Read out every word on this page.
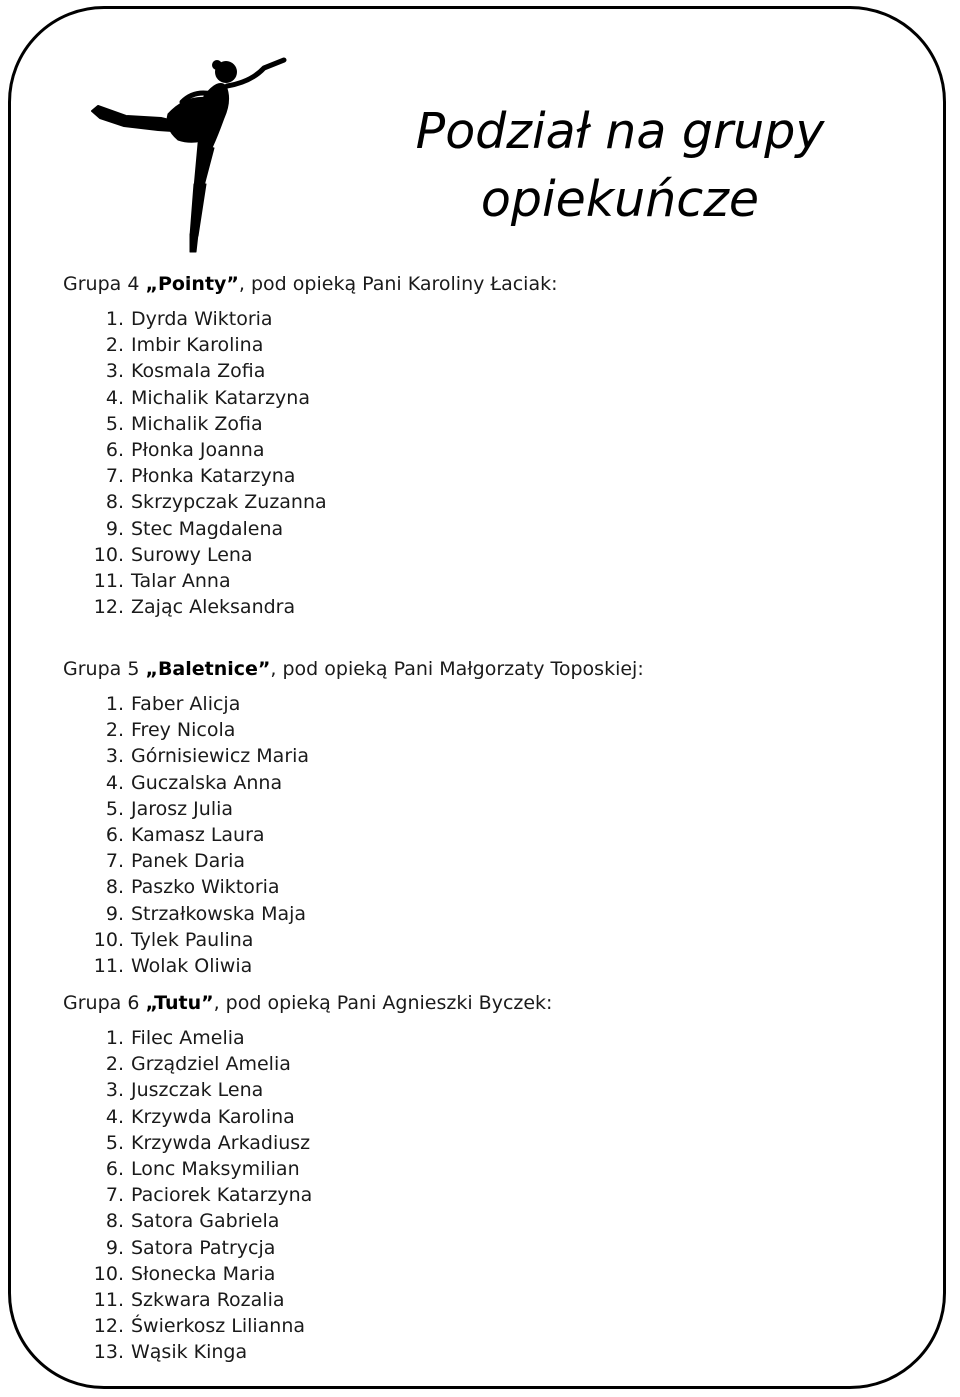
Podział na grupy
opiekuńcze
Grupa 4 „Pointy”, pod opieką Pani Karoliny Łaciak:
1. Dyrda Wiktoria
2. Imbir Karolina
3. Kosmala Zofia
4. Michalik Katarzyna
5. Michalik Zofia
6. Płonka Joanna
7. Płonka Katarzyna
8. Skrzypczak Zuzanna
9. Stec Magdalena
10. Surowy Lena
11. Talar Anna
12. Zając Aleksandra
Grupa 5 „Baletnice”, pod opieką Pani Małgorzaty Toposkiej:
1. Faber Alicja
2. Frey Nicola
3. Górnisiewicz Maria
4. Guczalska Anna
5. Jarosz Julia
6. Kamasz Laura
7. Panek Daria
8. Paszko Wiktoria
9. Strzałkowska Maja
10. Tylek Paulina
11. Wolak Oliwia
Grupa 6 „Tutu”, pod opieką Pani Agnieszki Byczek:
1. Filec Amelia
2. Grządziel Amelia
3. Juszczak Lena
4. Krzywda Karolina
5. Krzywda Arkadiusz
6. Lonc Maksymilian
7. Paciorek Katarzyna
8. Satora Gabriela
9. Satora Patrycja
10. Słonecka Maria
11. Szkwara Rozalia
12. Świerkosz Lilianna
13. Wąsik Kinga
